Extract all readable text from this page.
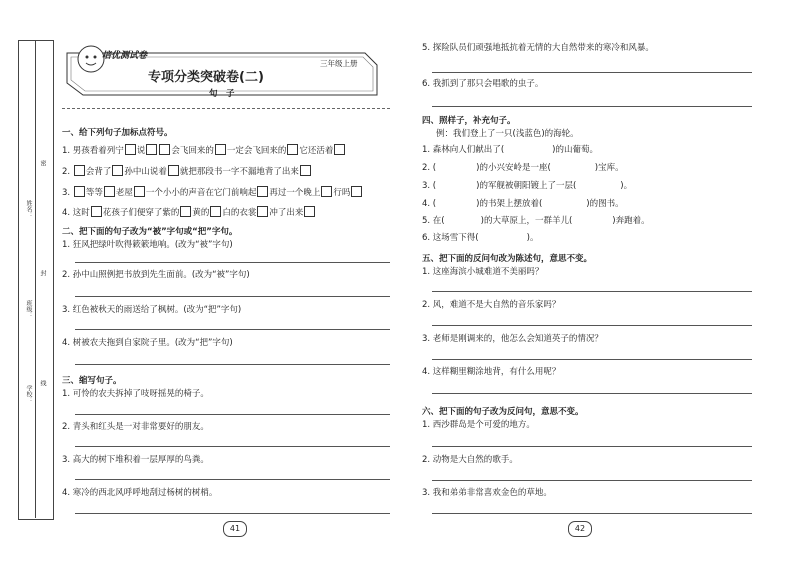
姓名：
班级：
学校：
密
封
线
培优测试卷
三年级上册
专项分类突破卷(二)
句　子
一、给下列句子加标点符号。
1. 男孩看着列宁 说	会飞回来的 一定会飞回来的 它还活着
2. 会背了 孙中山说着 就把那段书一字不漏地背了出来
3. 等等 老屋 一个小小的声音在它门前响起 再过一个晚上 行吗
4. 这时 花孩子们便穿了紫的 黄的 白的衣裳 冲了出来
二、把下面的句子改为“被”字句或“把”字句。
1. 狂风把绿叶吹得簌簌地响。(改为“被”字句)
2. 孙中山照例把书放到先生面前。(改为“被”字句)
3. 红色被秋天的雨送给了枫树。(改为“把”字句)
4. 树被农夫拖到自家院子里。(改为“把”字句)
三、缩写句子。
1. 可怜的农夫拆掉了吱呀摇晃的椅子。
2. 青头和红头是一对非常要好的朋友。
3. 高大的树下堆积着一层厚厚的鸟粪。
4. 寒冷的西北风呼呼地刮过杨树的树梢。
41
5. 探险队员们顽强地抵抗着无情的大自然带来的寒冷和风暴。
6. 我抓到了那只会唱歌的虫子。
四、照样子，补充句子。
例：我们登上了一只(浅蓝色)的海轮。
1. 森林向人们献出了(	)的山葡萄。
2. (	)的小兴安岭是一座(	)宝库。
3. (	)的军舰被朝阳镀上了一层(	)。
4. (	)的书架上摆放着(	)的图书。
5. 在(	)的大草原上，一群羊儿(	)奔跑着。
6. 这场雪下得(	)。
五、把下面的反问句改为陈述句，意思不变。
1. 这座海滨小城难道不美丽吗？
2. 风，难道不是大自然的音乐家吗？
3. 老师是刚调来的，他怎么会知道英子的情况？
4. 这样糊里糊涂地背，有什么用呢？
六、把下面的句子改为反问句，意思不变。
1. 西沙群岛是个可爱的地方。
2. 动物是大自然的歌手。
3. 我和弟弟非常喜欢金色的草地。
42
